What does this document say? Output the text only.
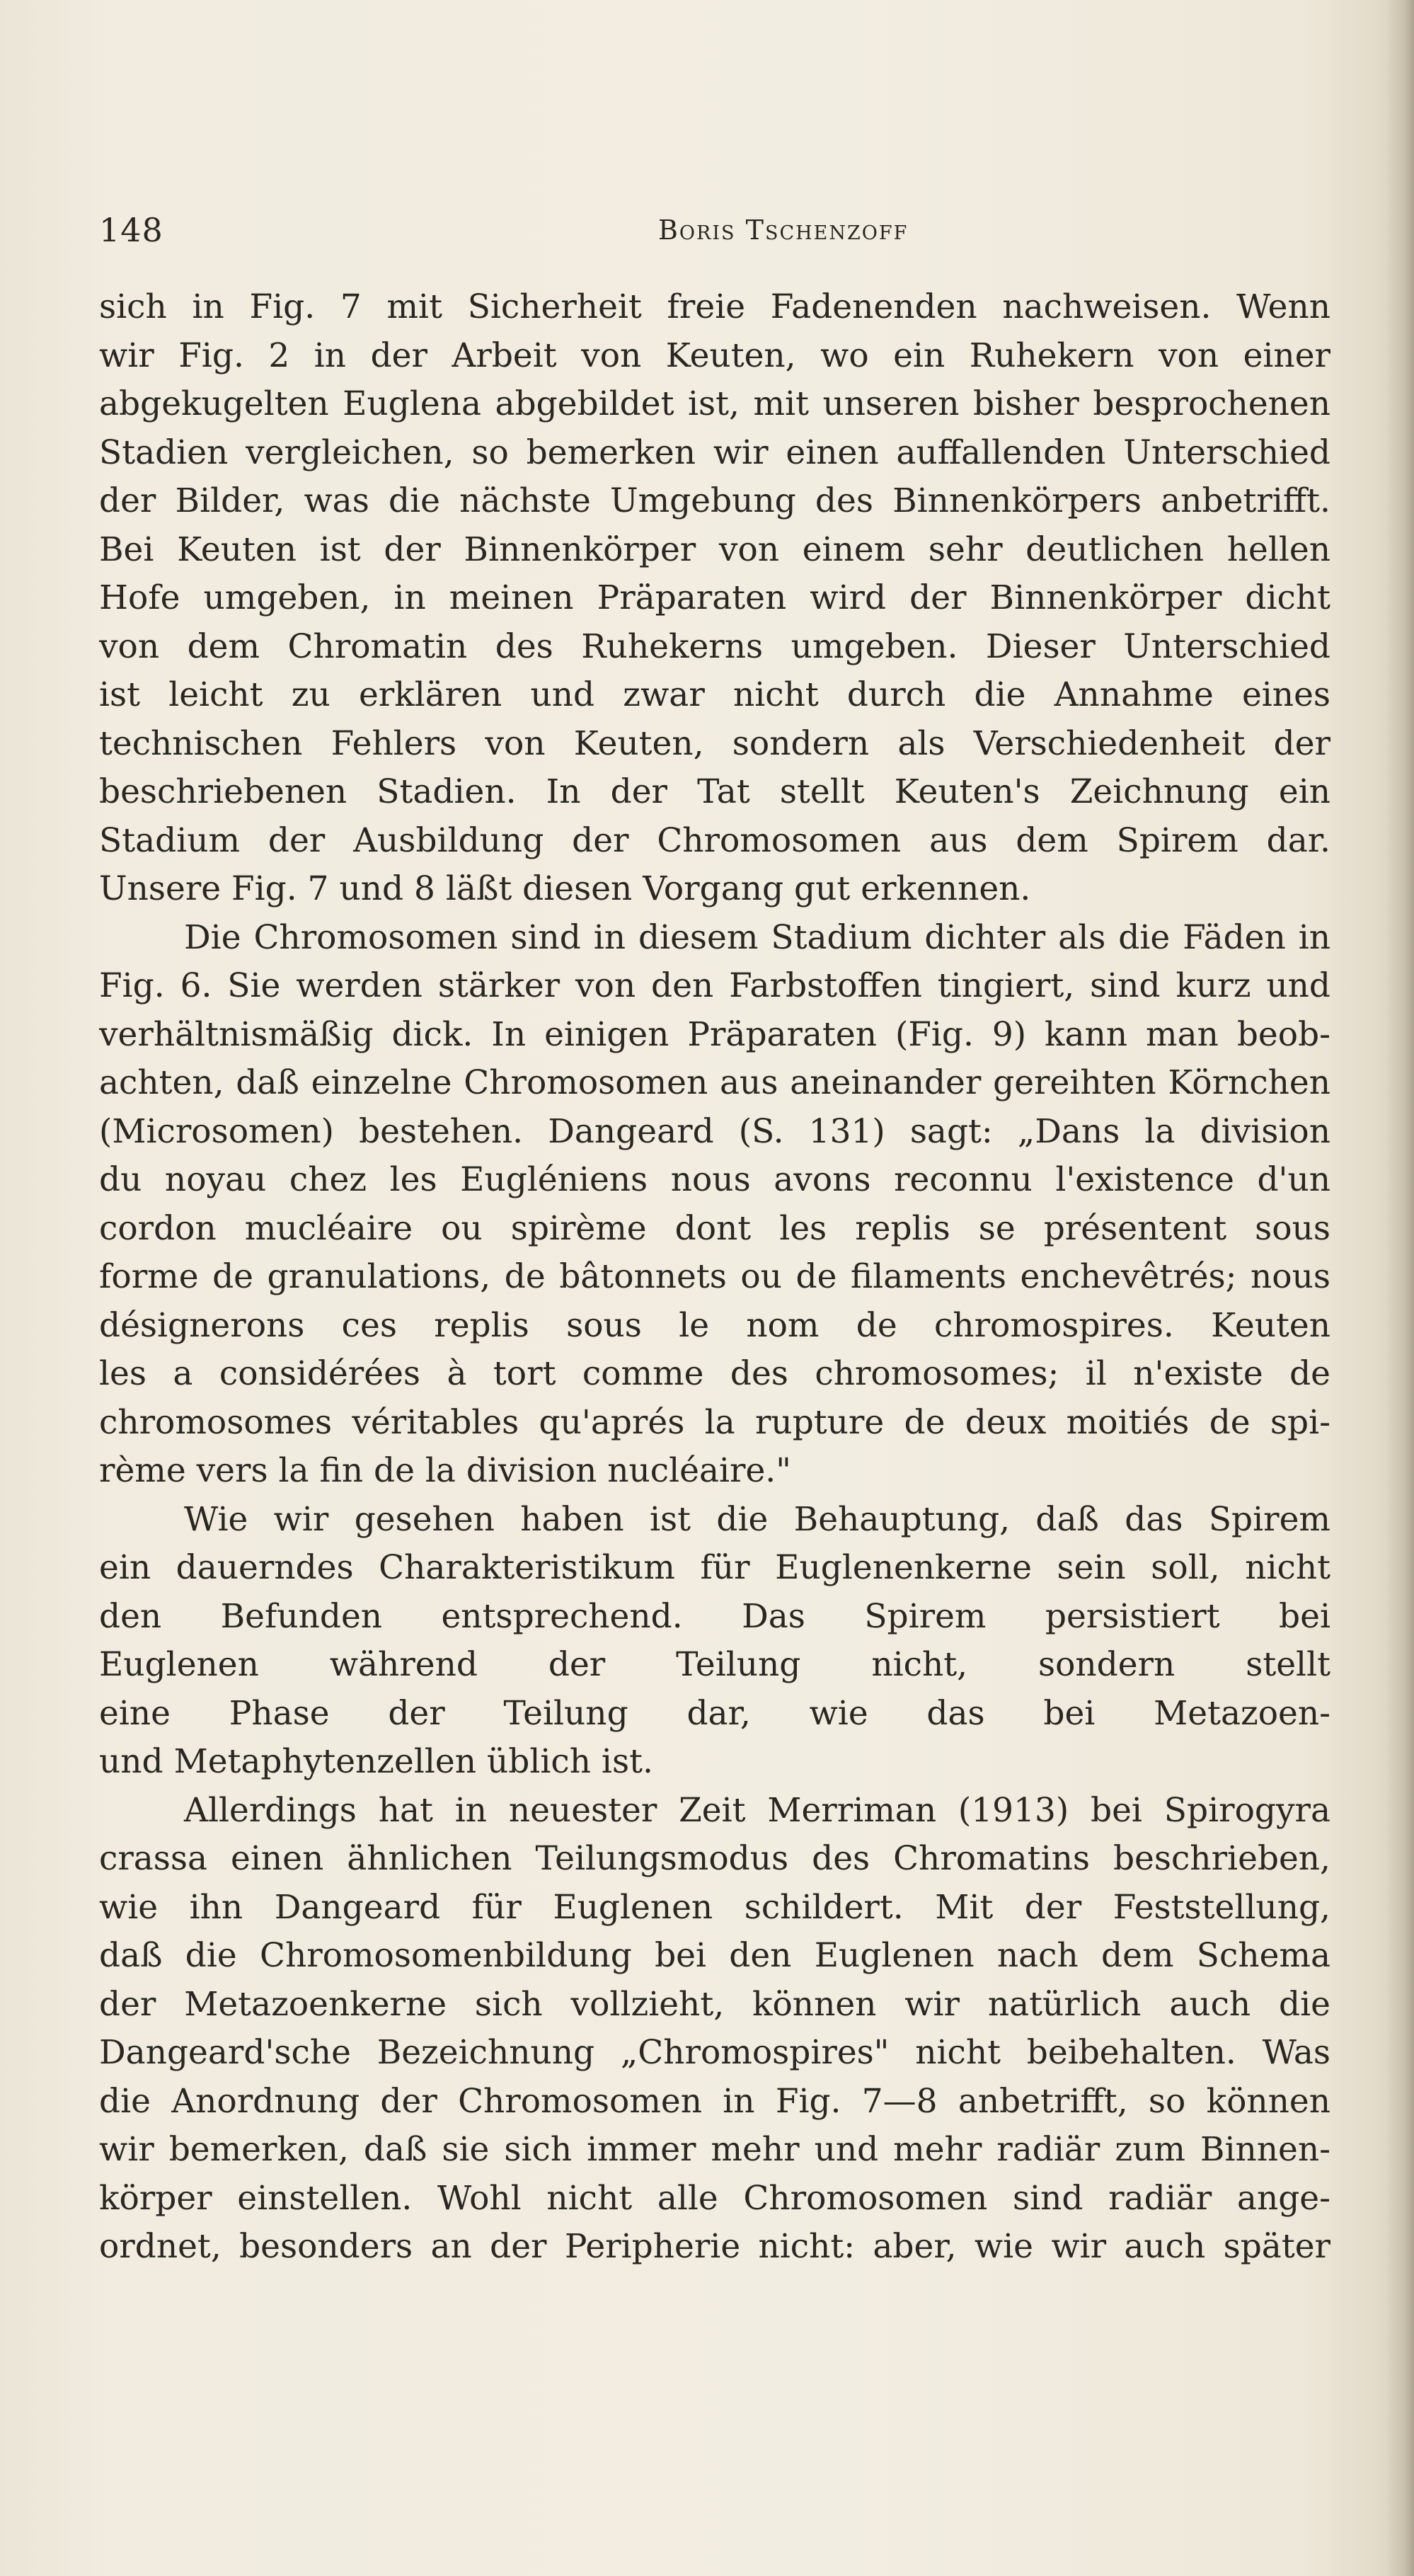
148	Boris Tschenzoff
sich in Fig. 7 mit Sicherheit freie Fadenenden nachweisen. Wenn
wir Fig. 2 in der Arbeit von Keuten, wo ein Ruhekern von einer
abgekugelten Euglena abgebildet ist, mit unseren bisher besprochenen
Stadien vergleichen, so bemerken wir einen auffallenden Unterschied
der Bilder, was die nächste Umgebung des Binnenkörpers anbetrifft.
Bei Keuten ist der Binnenkörper von einem sehr deutlichen hellen
Hofe umgeben, in meinen Präparaten wird der Binnenkörper dicht
von dem Chromatin des Ruhekerns umgeben. Dieser Unterschied
ist leicht zu erklären und zwar nicht durch die Annahme eines
technischen Fehlers von Keuten, sondern als Verschiedenheit der
beschriebenen Stadien. In der Tat stellt Keuten's Zeichnung ein
Stadium der Ausbildung der Chromosomen aus dem Spirem dar.
Unsere Fig. 7 und 8 läßt diesen Vorgang gut erkennen.
Die Chromosomen sind in diesem Stadium dichter als die Fäden in
Fig. 6. Sie werden stärker von den Farbstoffen tingiert, sind kurz und
verhältnismäßig dick. In einigen Präparaten (Fig. 9) kann man beob-
achten, daß einzelne Chromosomen aus aneinander gereihten Körnchen
(Microsomen) bestehen. Dangeard (S. 131) sagt: „Dans la division
du noyau chez les Eugléniens nous avons reconnu l'existence d'un
cordon mucléaire ou spirème dont les replis se présentent sous
forme de granulations, de bâtonnets ou de filaments enchevêtrés; nous
désignerons ces replis sous le nom de chromospires. Keuten
les a considérées à tort comme des chromosomes; il n'existe de
chromosomes véritables qu'aprés la rupture de deux moitiés de spi-
rème vers la fin de la division nucléaire."
Wie wir gesehen haben ist die Behauptung, daß das Spirem
ein dauerndes Charakteristikum für Euglenenkerne sein soll, nicht
den Befunden entsprechend. Das Spirem persistiert bei
Euglenen während der Teilung nicht, sondern stellt
eine Phase der Teilung dar, wie das bei Metazoen-
und Metaphytenzellen üblich ist.
Allerdings hat in neuester Zeit Merriman (1913) bei Spirogyra
crassa einen ähnlichen Teilungsmodus des Chromatins beschrieben,
wie ihn Dangeard für Euglenen schildert. Mit der Feststellung,
daß die Chromosomenbildung bei den Euglenen nach dem Schema
der Metazoenkerne sich vollzieht, können wir natürlich auch die
Dangeard'sche Bezeichnung „Chromospires" nicht beibehalten. Was
die Anordnung der Chromosomen in Fig. 7—8 anbetrifft, so können
wir bemerken, daß sie sich immer mehr und mehr radiär zum Binnen-
körper einstellen. Wohl nicht alle Chromosomen sind radiär ange-
ordnet, besonders an der Peripherie nicht: aber, wie wir auch später
